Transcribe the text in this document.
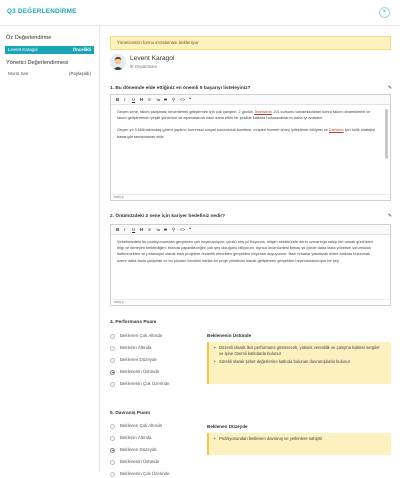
Q3 DEĞERLENDİRME	×
Öz Değerlendirme
Levent Karagol	Öncelikli
Yönetici Değerlendirmesi
Murat Sarı	(Paylaşıldı)
Yöneticinizin formu imzalaması bekleniyor
Levent Karagol
İK Departmanı
1. Bu dönemde elde ettiğiniz en önemli 5 başarıyı listeleyiniz?	✎
B I U H ≡ ≔ S ⚲ <> ❞

Geçen sene, takım çalışması becerilerimi geliştirmek için çok çalıştım. 2 günlük Teamwork 101 kursunu tamamladıktan sonra takım dinamiklerini ve takım geliştirmenin çeşitli yönlerine ve aşamalarına nasıl daha etkin bir şekilde katkıda bulunacaklarını daha iyi anladım.

Geçen yıl 3 Milli takımdaş görevi yaptım; kurumsal sosyal sorumluluk komitesi, müşteri hizmeti süreç iyileştirme atölyesi ve Dansera için birlik stratejisi basarıyla tamamlanan ekte.

body p
2. Önümüzdeki 2 sene için kariyer hedefiniz nedir?	✎
B I U H ≡ ≔ S ⚲ <> ❞
Şirketimizdeki bu pozisyonumdan gerçekten çok heyecanlıyım; çünkü beş yıl boyunca, bilişim sektöründe derin uzmanlığa sahip biri olarak günlükleri bilgi ve deneyim biriktirdiğim; burada yapabileceğim çok şey olduğunu biliyorum. Ayrıca önümüzdeki birkaç yıl içinde daha fazla yönetsel sorumluluk üstlenmekten ve potansiyel olarak bazı projelere önderlik etmekten gerçekten heyecan duyuyorum. Bazı fırsatlar yakalarak ekibe katkıda bulunmak üzere daha fazla çalışmak ve bu yüzden kendimi harika bir proje yöneticisi olarak geliştirmek gerçekten heyecanlandırıyor bir şey.
body p
4. Performans Puanı
Beklenen Çok Altında
Beklenin Altında
Beklenen Düzeyde
Beklenenin Üstünde
Beklenenin Çok Üzerinde
Beklenenin Üstünde
• Düzenli olarak ileri performans gösterecek, yüksek verimlilik ve çalışma kalitesi sergiler ve işine önemli katkılarda bulunur
• Sürekli olarak şirket değerlerine katkıda bulunan davranışlarda bulunur
5. Davranış Puanı
Beklenen Çok Altında
Beklenin Altında
Beklenen Düzeyde
Beklenenin Üstünde
Beklenenin Çok Üzerinde
Beklenen Düzeyde
• Pozisyonundan beklenen davranış ve yetkinlere sahiptir
